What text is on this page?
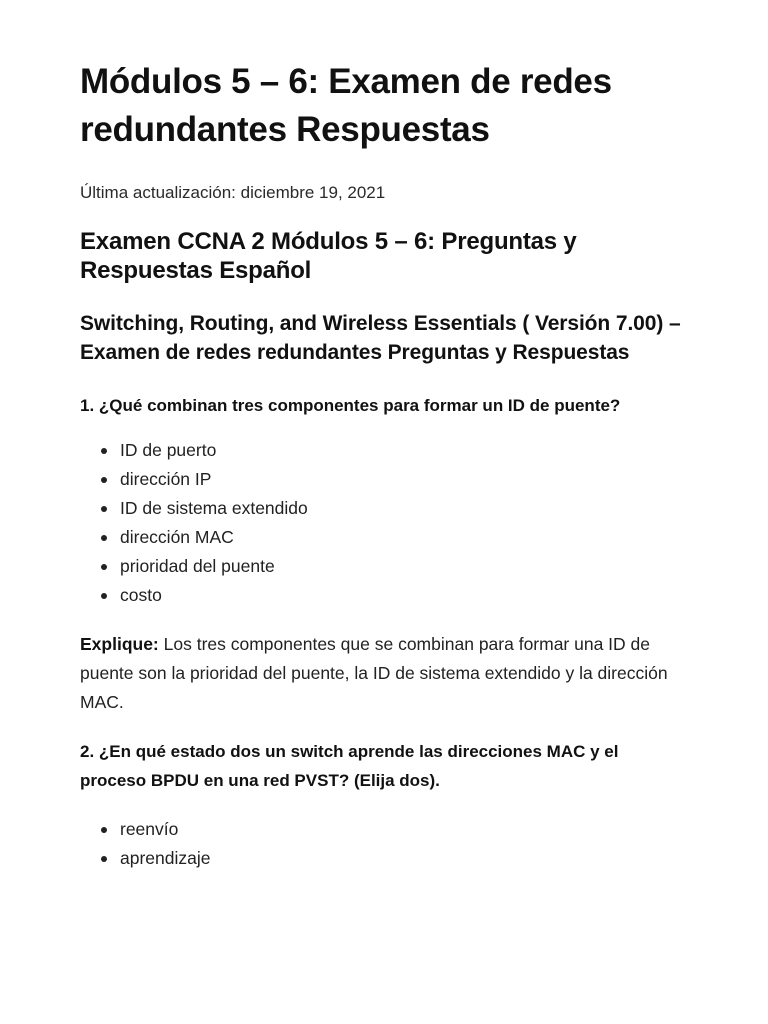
Módulos 5 – 6: Examen de redes redundantes Respuestas

Última actualización: diciembre 19, 2021

Examen CCNA 2 Módulos 5 – 6: Preguntas y Respuestas Español
Switching, Routing, and Wireless Essentials ( Versión 7.00) – Examen de redes redundantes Preguntas y Respuestas

1. ¿Qué combinan tres componentes para formar un ID de puente?

ID de puerto
dirección IP
ID de sistema extendido
dirección MAC
prioridad del puente
costo

Explique: Los tres componentes que se combinan para formar una ID de puente son la prioridad del puente, la ID de sistema extendido y la dirección MAC.

2. ¿En qué estado dos un switch aprende las direcciones MAC y el proceso BPDU en una red PVST? (Elija dos).

reenvío
aprendizaje
